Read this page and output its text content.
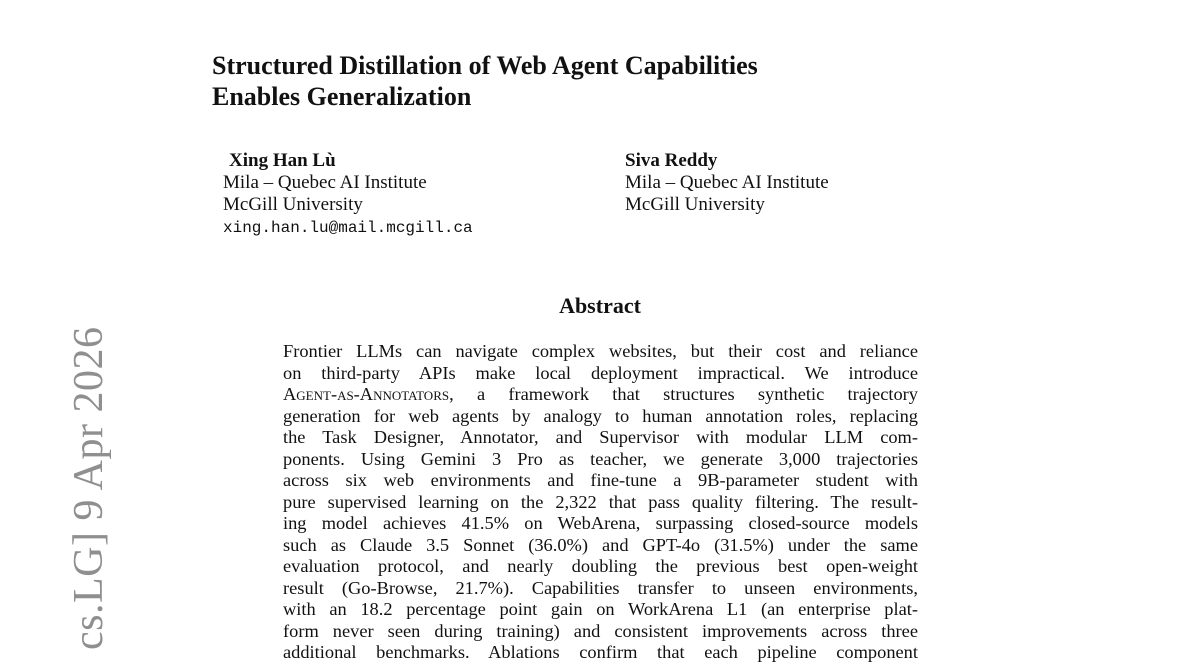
Structured Distillation of Web Agent Capabilities
Enables Generalization
Xing Han Lù
Mila – Quebec AI Institute
McGill University
xing.han.lu@mail.mcgill.ca
Siva Reddy
Mila – Quebec AI Institute
McGill University
Abstract
Frontier LLMs can navigate complex websites, but their cost and reliance
on third-party APIs make local deployment impractical. We introduce
Agent-as-Annotators, a framework that structures synthetic trajectory
generation for web agents by analogy to human annotation roles, replacing
the Task Designer, Annotator, and Supervisor with modular LLM com-
ponents. Using Gemini 3 Pro as teacher, we generate 3,000 trajectories
across six web environments and fine-tune a 9B-parameter student with
pure supervised learning on the 2,322 that pass quality filtering. The result-
ing model achieves 41.5% on WebArena, surpassing closed-source models
such as Claude 3.5 Sonnet (36.0%) and GPT-4o (31.5%) under the same
evaluation protocol, and nearly doubling the previous best open-weight
result (Go-Browse, 21.7%). Capabilities transfer to unseen environments,
with an 18.2 percentage point gain on WorkArena L1 (an enterprise plat-
form never seen during training) and consistent improvements across three
additional benchmarks. Ablations confirm that each pipeline component
cs.LG] 9 Apr 2026
